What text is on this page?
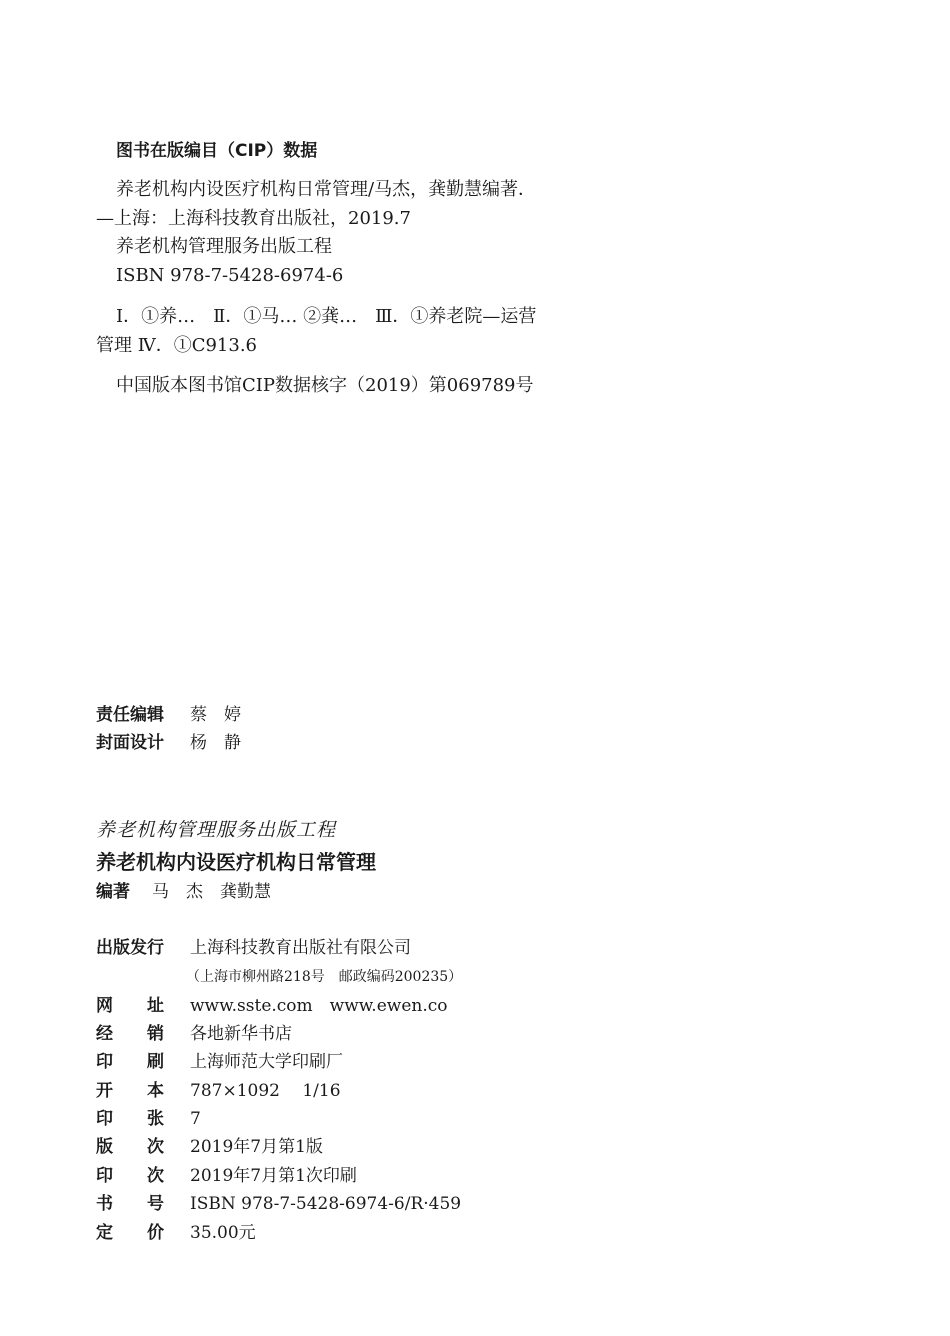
图书在版编目（CIP）数据
养老机构内设医疗机构日常管理/马杰，龚勤慧编著．
—上海：上海科技教育出版社，2019.7
养老机构管理服务出版工程
ISBN 978-7-5428-6974-6
Ⅰ．①养…　Ⅱ．①马… ②龚…　Ⅲ．①养老院—运营
管理 Ⅳ．①C913.6
中国版本图书馆CIP数据核字（2019）第069789号
责任编辑 蔡　婷
封面设计 杨　静
养老机构管理服务出版工程
养老机构内设医疗机构日常管理
编著 马　杰　龚勤慧
出版发行 上海科技教育出版社有限公司
（上海市柳州路218号　邮政编码200235）
网　　址 www.sste.com　www.ewen.co
经　　销 各地新华书店
印　　刷 上海师范大学印刷厂
开　　本 787×1092　 1/16
印　　张 7
版　　次 2019年7月第1版
印　　次 2019年7月第1次印刷
书　　号 ISBN 978-7-5428-6974-6/R·459
定　　价 35.00元
